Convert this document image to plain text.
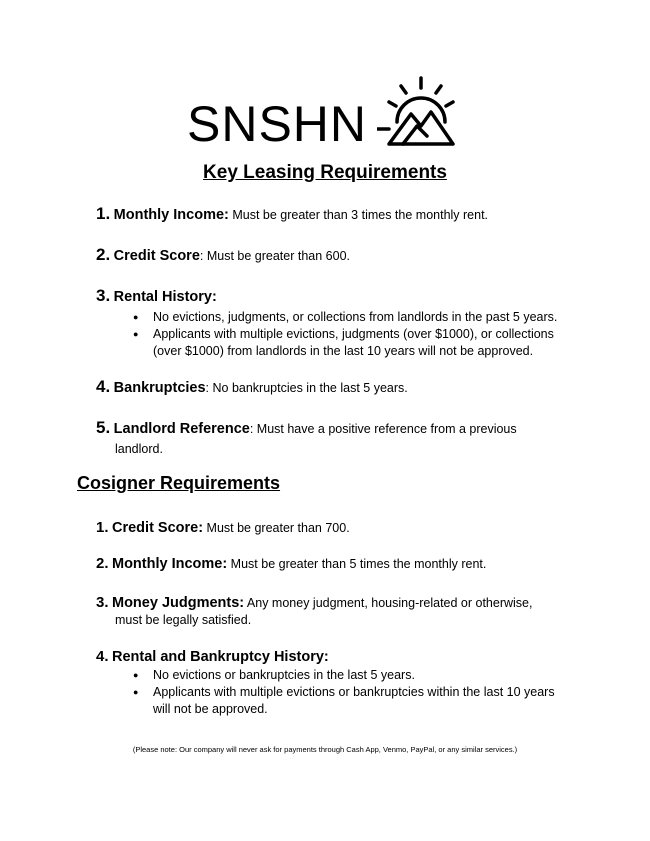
SNSHN
Key Leasing Requirements
1. Monthly Income: Must be greater than 3 times the monthly rent.
2. Credit Score: Must be greater than 600.
3. Rental History:
● No evictions, judgments, or collections from landlords in the past 5 years.
● Applicants with multiple evictions, judgments (over $1000), or collections (over $1000) from landlords in the last 10 years will not be approved.
4. Bankruptcies: No bankruptcies in the last 5 years.
5. Landlord Reference: Must have a positive reference from a previous
landlord.
Cosigner Requirements
1. Credit Score: Must be greater than 700.
2. Monthly Income: Must be greater than 5 times the monthly rent.
3. Money Judgments: Any money judgment, housing-related or otherwise,
must be legally satisfied.
4. Rental and Bankruptcy History:
● No evictions or bankruptcies in the last 5 years.
● Applicants with multiple evictions or bankruptcies within the last 10 years will not be approved.
(Please note: Our company will never ask for payments through Cash App, Venmo, PayPal, or any similar services.)
